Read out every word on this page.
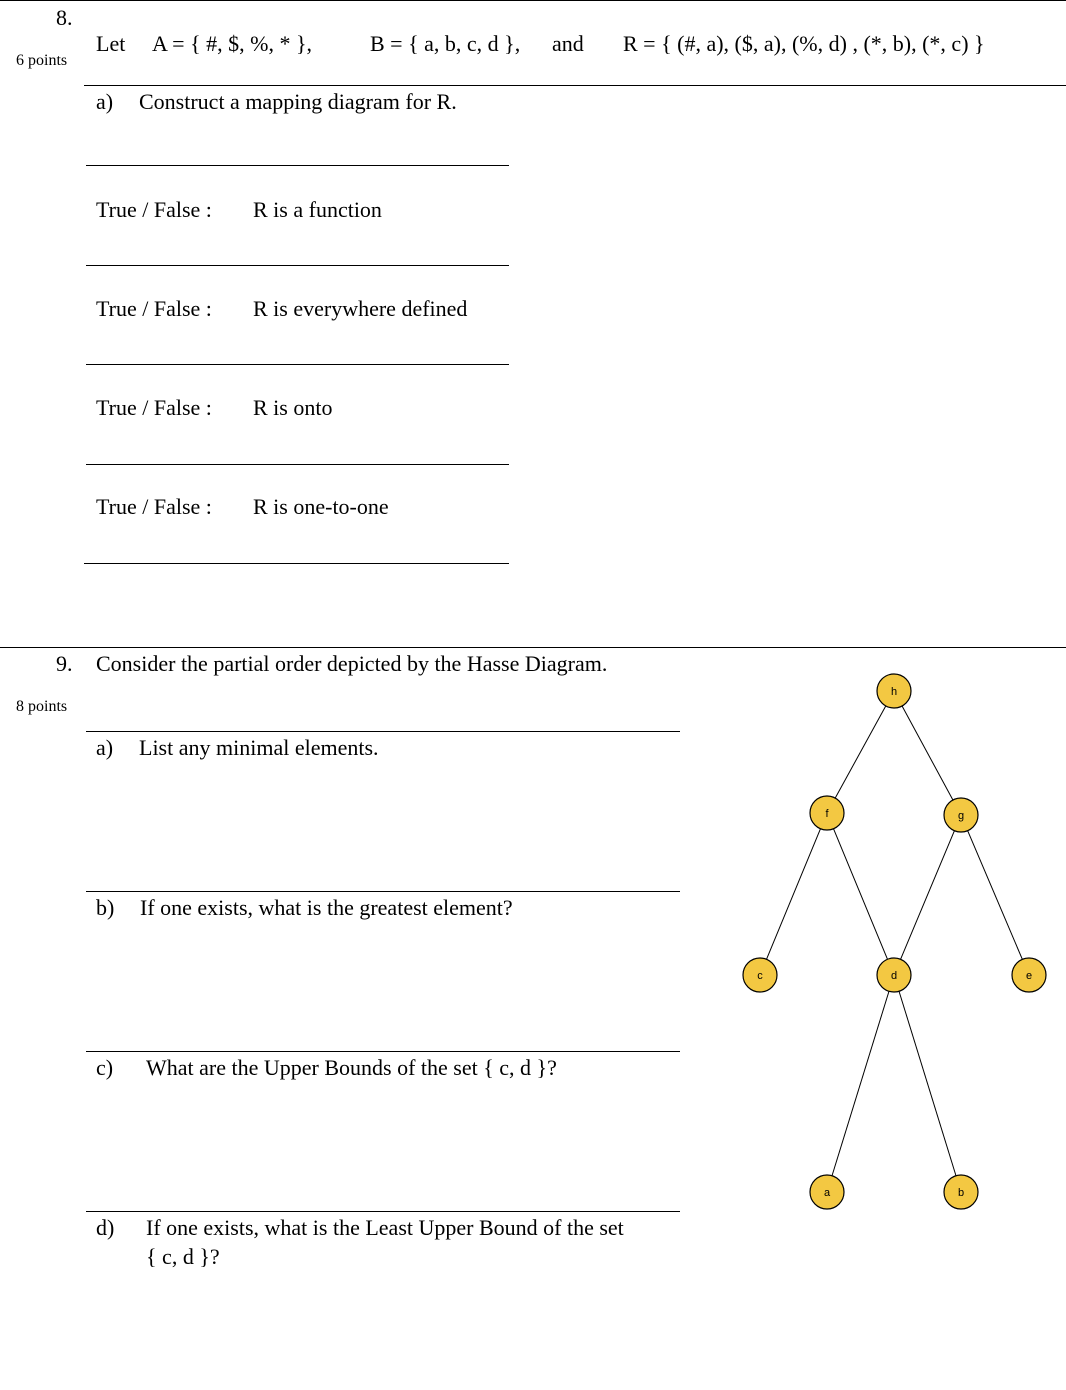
8.
6 points
Let A = { #, $, %, * },	B = { a, b, c, d }, and R = { (#, a), ($, a), (%, d) , (*, b), (*, c) }
a) Construct a mapping diagram for R.
True / False : R is a function
True / False : R is everywhere defined
True / False : R is onto
True / False : R is one-to-one
9. Consider the partial order depicted by the Hasse Diagram.
8 points
a) List any minimal elements.
b) If one exists, what is the greatest element?
c) What are the Upper Bounds of the set { c, d }?
d) If one exists, what is the Least Upper Bound of the set
{ c, d }?
h
f	g
c	d	e
a	b
